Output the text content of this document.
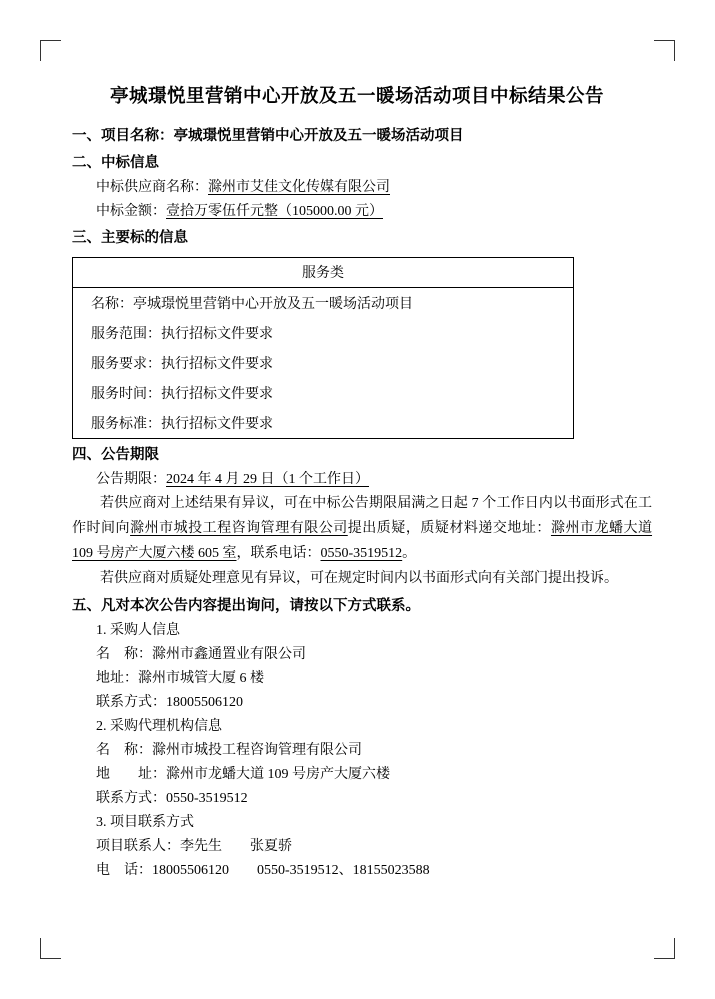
亭城璟悦里营销中心开放及五一暖场活动项目中标结果公告
一、项目名称：亭城璟悦里营销中心开放及五一暖场活动项目
二、中标信息
中标供应商名称：滁州市艾佳文化传媒有限公司
中标金额：壹拾万零伍仟元整（105000.00 元）
三、主要标的信息
服务类
名称：亭城璟悦里营销中心开放及五一暖场活动项目
服务范围：执行招标文件要求
服务要求：执行招标文件要求
服务时间：执行招标文件要求
服务标准：执行招标文件要求
四、公告期限
公告期限：2024 年 4 月 29 日（1 个工作日）
若供应商对上述结果有异议，可在中标公告期限届满之日起 7 个工作日内以书面形式在工作时间向滁州市城投工程咨询管理有限公司提出质疑，质疑材料递交地址：滁州市龙蟠大道 109 号房产大厦六楼 605 室，联系电话：0550-3519512。
若供应商对质疑处理意见有异议，可在规定时间内以书面形式向有关部门提出投诉。
五、凡对本次公告内容提出询问，请按以下方式联系。
1. 采购人信息
名　称：滁州市鑫通置业有限公司
地址：滁州市城管大厦 6 楼
联系方式：18005506120
2. 采购代理机构信息
名　称：滁州市城投工程咨询管理有限公司
地　　址：滁州市龙蟠大道 109 号房产大厦六楼
联系方式：0550-3519512
3. 项目联系方式
项目联系人：李先生　　张夏骄
电　话：18005506120　　0550-3519512、18155023588
